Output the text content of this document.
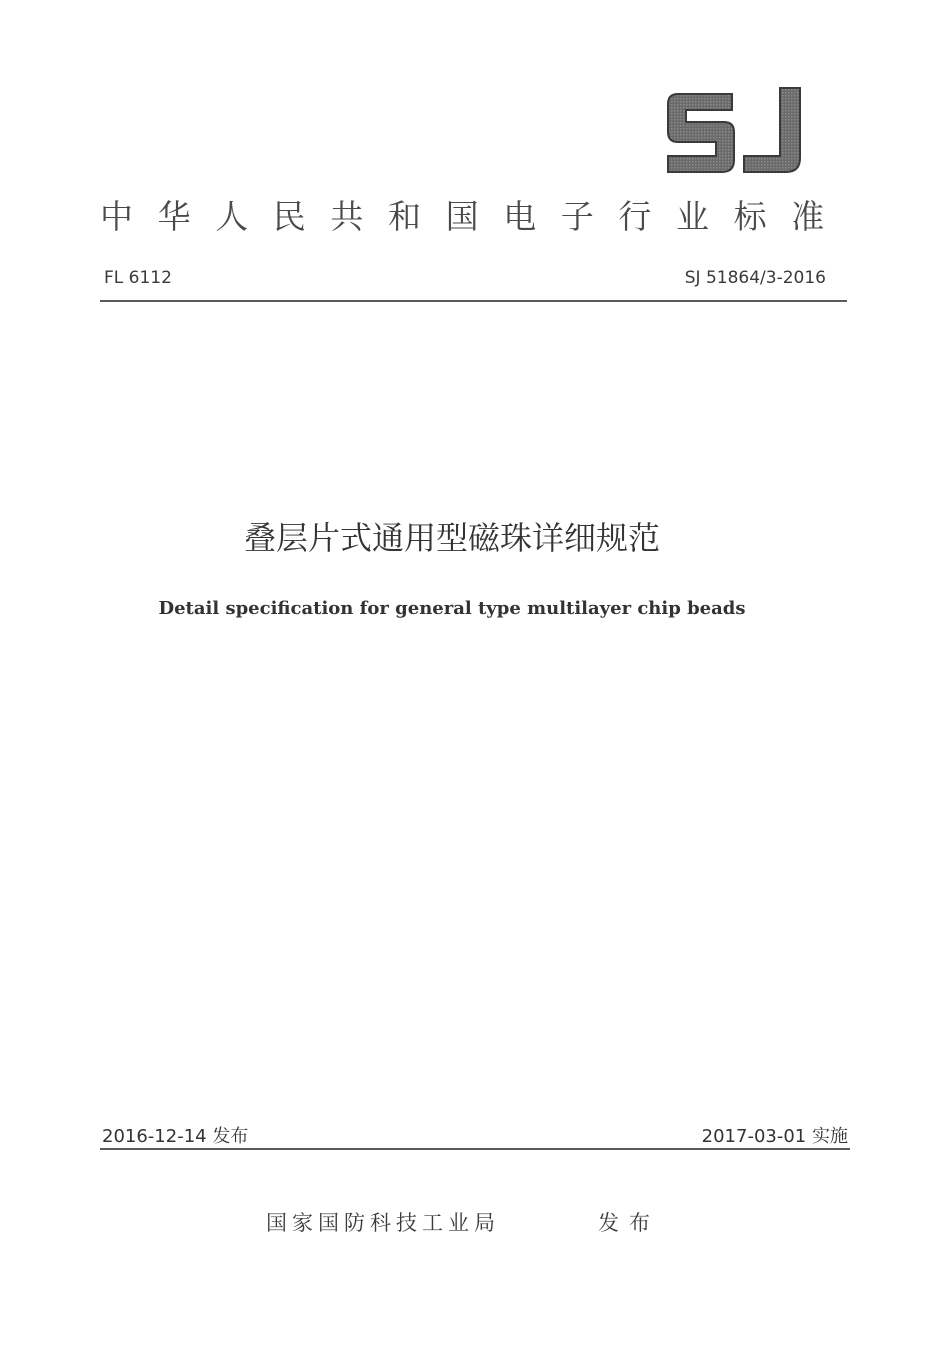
中华人民共和国电子行业标准
FL 6112	SJ 51864/3-2016
叠层片式通用型磁珠详细规范
Detail specification for general type multilayer chip beads
2016-12-14 发布	2017-03-01 实施
国家国防科技工业局	发布
